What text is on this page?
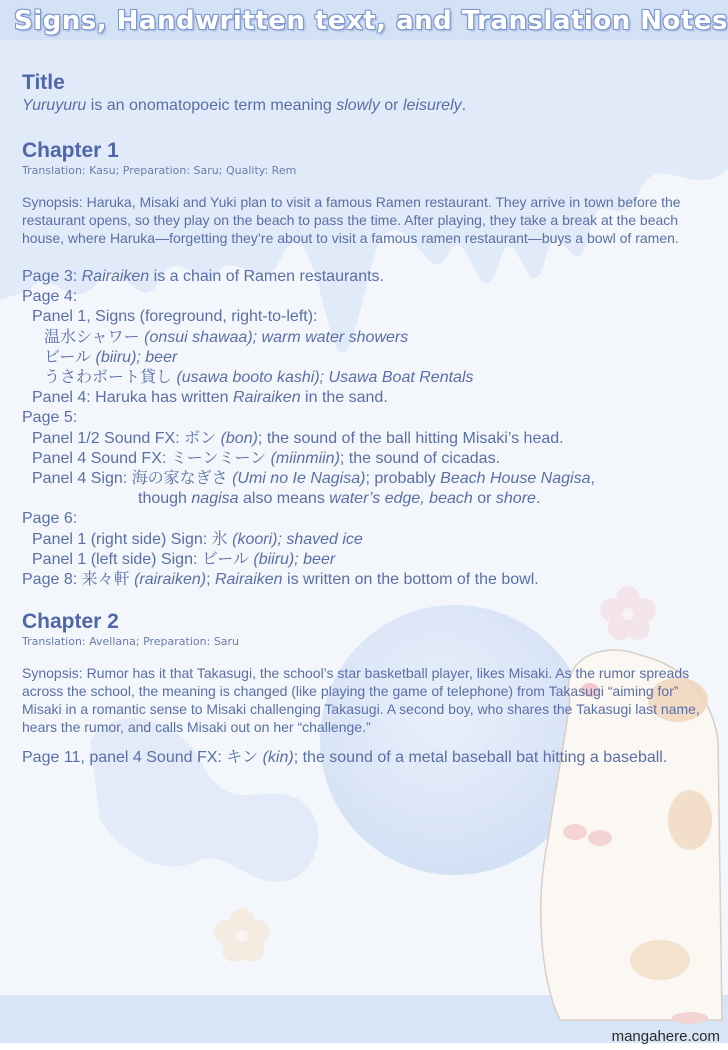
Signs, Handwritten text, and Translation Notes
Title

Yuruyuru is an onomatopoeic term meaning slowly or leisurely.

Chapter 1

Translation: Kasu; Preparation: Saru; Quality: Rem

Synopsis: Haruka, Misaki and Yuki plan to visit a famous Ramen restaurant. They arrive in town before the restaurant opens, so they play on the beach to pass the time. After playing, they take a break at the beach house, where Haruka—forgetting they’re about to visit a famous ramen restaurant—buys a bowl of ramen.

Page 3: Rairaiken is a chain of Ramen restaurants.

Page 4:

Panel 1, Signs (foreground, right-to-left):

温水シャワー (onsui shawaa); warm water showers

ビール (biiru); beer

うさわボート貸し (usawa booto kashi); Usawa Boat Rentals

Panel 4: Haruka has written Rairaiken in the sand.

Page 5:

Panel 1/2 Sound FX: ボン (bon); the sound of the ball hitting Misaki’s head.

Panel 4 Sound FX: ミーンミーン (miinmiin); the sound of cicadas.

Panel 4 Sign: 海の家なぎさ (Umi no Ie Nagisa); probably Beach House Nagisa,

though nagisa also means water’s edge, beach or shore.

Page 6:

Panel 1 (right side) Sign: 氷 (koori); shaved ice

Panel 1 (left side) Sign: ビール (biiru); beer

Page 8: 来々軒 (rairaiken); Rairaiken is written on the bottom of the bowl.

Chapter 2

Translation: Avellana; Preparation: Saru

Synopsis: Rumor has it that Takasugi, the school’s star basketball player, likes Misaki. As the rumor spreads across the school, the meaning is changed (like playing the game of telephone) from Takasugi “aiming for” Misaki in a romantic sense to Misaki challenging Takasugi. A second boy, who shares the Takasugi last name, hears the rumor, and calls Misaki out on her “challenge.”

Page 11, panel 4 Sound FX: キン (kin); the sound of a metal baseball bat hitting a baseball.

mangahere.com
